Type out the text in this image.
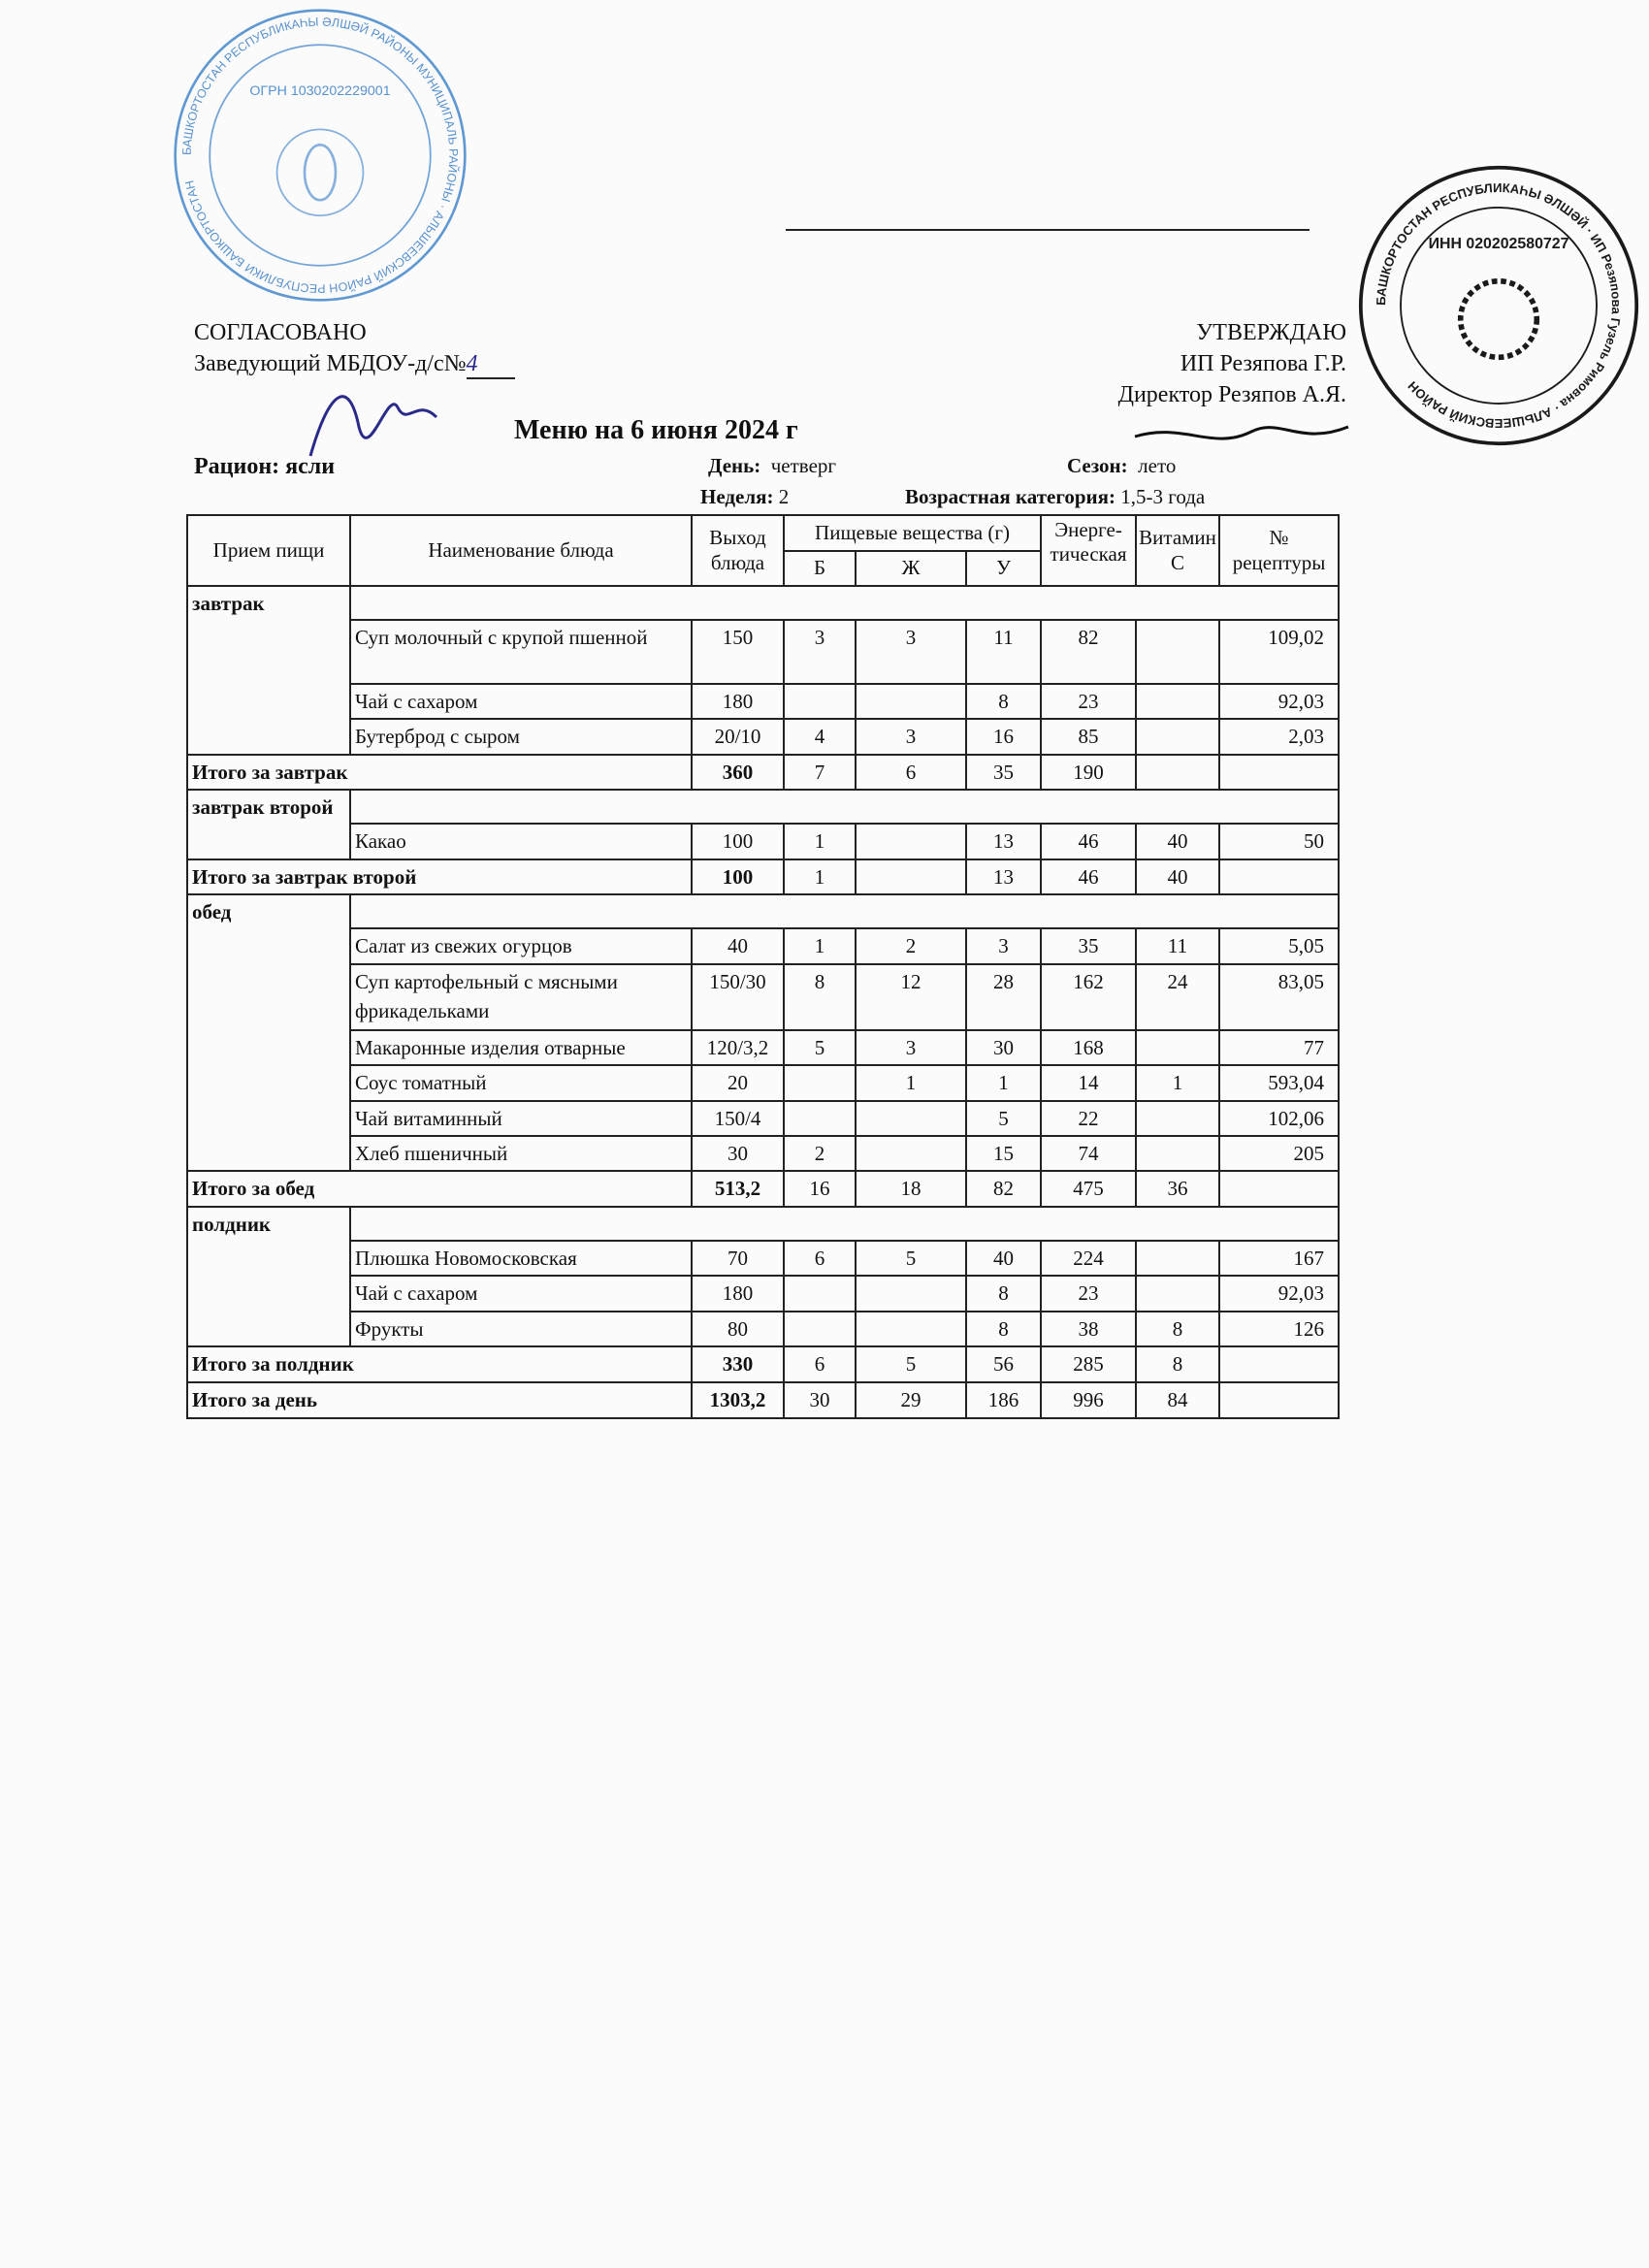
БАШКОРТОСТАН РЕСПУБЛИКАҺЫ ӘЛШӘЙ РАЙОНЫ МУНИЦИПАЛЬ РАЙОНЫ · АЛЬШЕЕВСКИЙ РАЙОН РЕСПУБЛИКИ БАШКОРТОСТАН
ОГРН 1030202229001
БАШКОРТОСТАН РЕСПУБЛИКАҺЫ ӘЛШӘЙ · ИП Резяпова Гузель Римовна · АЛЬШЕЕВСКИЙ РАЙОН
ИНН 020202580727
СОГЛАСОВАНО
Заведующий МБДОУ-д/с№4
УТВЕРЖДАЮ
ИП Резяпова Г.Р.
Директор Резяпов А.Я.
Меню на 6 июня 2024 г
Рацион: ясли	День: четверг	Сезон: лето
Неделя: 2	Возрастная категория: 1,5-3 года
Прием пищи	Наименование блюда	Выход блюда	Пищевые вещества (г)			Энерге-тическая	Витамин С	№ рецептуры
			Б	Ж	У			
завтрак								
	Суп молочный с крупой пшенной	150	3	3	11	82		109,02
	Чай с сахаром	180			8	23		92,03
	Бутерброд с сыром	20/10	4	3	16	85		2,03
Итого за завтрак		360	7	6	35	190		
завтрак второй								
	Какао	100	1		13	46	40	50
Итого за завтрак второй		100	1		13	46	40	
обед								
	Салат из свежих огурцов	40	1	2	3	35	11	5,05
	Суп картофельный с мясными фрикадельками	150/30	8	12	28	162	24	83,05
	Макаронные изделия отварные	120/3,2	5	3	30	168		77
	Соус томатный	20		1	1	14	1	593,04
	Чай витаминный	150/4			5	22		102,06
	Хлеб пшеничный	30	2		15	74		205
Итого за обед		513,2	16	18	82	475	36	
полдник								
	Плюшка Новомосковская	70	6	5	40	224		167
	Чай с сахаром	180			8	23		92,03
	Фрукты	80			8	38	8	126
Итого за полдник		330	6	5	56	285	8	
Итого за день		1303,2	30	29	186	996	84	
